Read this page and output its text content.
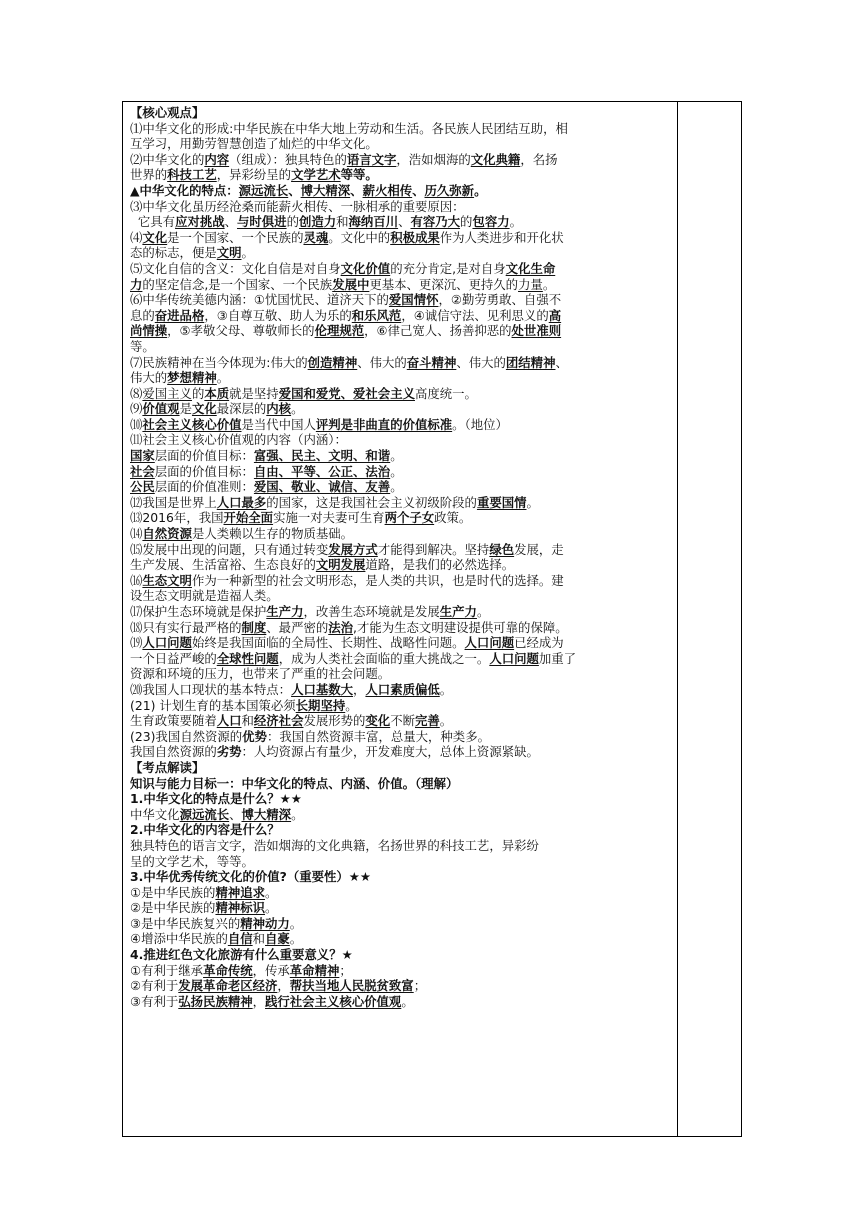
【核心观点】
⑴中华文化的形成:中华民族在中华大地上劳动和生活。各民族人民团结互助，相
互学习，用勤劳智慧创造了灿烂的中华文化。
⑵中华文化的内容（组成）：独具特色的语言文字，浩如烟海的文化典籍，名扬
世界的科技工艺，异彩纷呈的文学艺术等等。
▲中华文化的特点：源远流长、博大精深、薪火相传、历久弥新。
⑶中华文化虽历经沧桑而能薪火相传、一脉相承的重要原因：
它具有应对挑战、与时俱进的创造力和海纳百川、有容乃大的包容力。
⑷文化是一个国家、一个民族的灵魂。文化中的积极成果作为人类进步和开化状
态的标志，便是文明。
⑸文化自信的含义：文化自信是对自身文化价值的充分肯定,是对自身文化生命
力的坚定信念,是一个国家、一个民族发展中更基本、更深沉、更持久的力量。
⑹中华传统美德内涵：①忧国忧民、道济天下的爱国情怀，②勤劳勇敢、自强不
息的奋进品格，③自尊互敬、助人为乐的和乐风范，④诚信守法、见利思义的高
尚情操，⑤孝敬父母、尊敬师长的伦理规范，⑥律己宽人、扬善抑恶的处世准则
等。
⑺民族精神在当今体现为:伟大的创造精神、伟大的奋斗精神、伟大的团结精神、
伟大的梦想精神。
⑻爱国主义的本质就是坚持爱国和爱党、爱社会主义高度统一。
⑼价值观是文化最深层的内核。
⑽社会主义核心价值是当代中国人评判是非曲直的价值标准。（地位）
⑾社会主义核心价值观的内容（内涵）：
国家层面的价值目标：富强、民主、文明、和谐。
社会层面的价值目标：自由、平等、公正、法治。
公民层面的价值准则：爱国、敬业、诚信、友善。
⑿我国是世界上人口最多的国家，这是我国社会主义初级阶段的重要国情。
⒀2016年，我国开始全面实施一对夫妻可生育两个子女政策。
⒁自然资源是人类赖以生存的物质基础。
⒂发展中出现的问题，只有通过转变发展方式才能得到解决。坚持绿色发展，走
生产发展、生活富裕、生态良好的文明发展道路，是我们的必然选择。
⒃生态文明作为一种新型的社会文明形态，是人类的共识，也是时代的选择。建
设生态文明就是造福人类。
⒄保护生态环境就是保护生产力，改善生态环境就是发展生产力。
⒅只有实行最严格的制度、最严密的法治,才能为生态文明建设提供可靠的保障。
⒆人口问题始终是我国面临的全局性、长期性、战略性问题。人口问题已经成为
一个日益严峻的全球性问题，成为人类社会面临的重大挑战之一。人口问题加重了
资源和环境的压力，也带来了严重的社会问题。
⒇我国人口现状的基本特点：人口基数大，人口素质偏低。
(21) 计划生育的基本国策必须长期坚持。
生育政策要随着人口和经济社会发展形势的变化不断完善。
(23)我国自然资源的优势：我国自然资源丰富，总量大，种类多。
我国自然资源的劣势：人均资源占有量少，开发难度大，总体上资源紧缺。
【考点解读】
知识与能力目标一：中华文化的特点、内涵、价值。（理解）
1.中华文化的特点是什么？★★
中华文化源远流长、博大精深。
2.中华文化的内容是什么？
独具特色的语言文字，浩如烟海的文化典籍，名扬世界的科技工艺，异彩纷
呈的文学艺术，等等。
3.中华优秀传统文化的价值?（重要性）★★
①是中华民族的精神追求。
②是中华民族的精神标识。
③是中华民族复兴的精神动力。
④增添中华民族的自信和自豪。
4.推进红色文化旅游有什么重要意义？★
①有利于继承革命传统，传承革命精神；
②有利于发展革命老区经济，帮扶当地人民脱贫致富；
③有利于弘扬民族精神，践行社会主义核心价值观。
